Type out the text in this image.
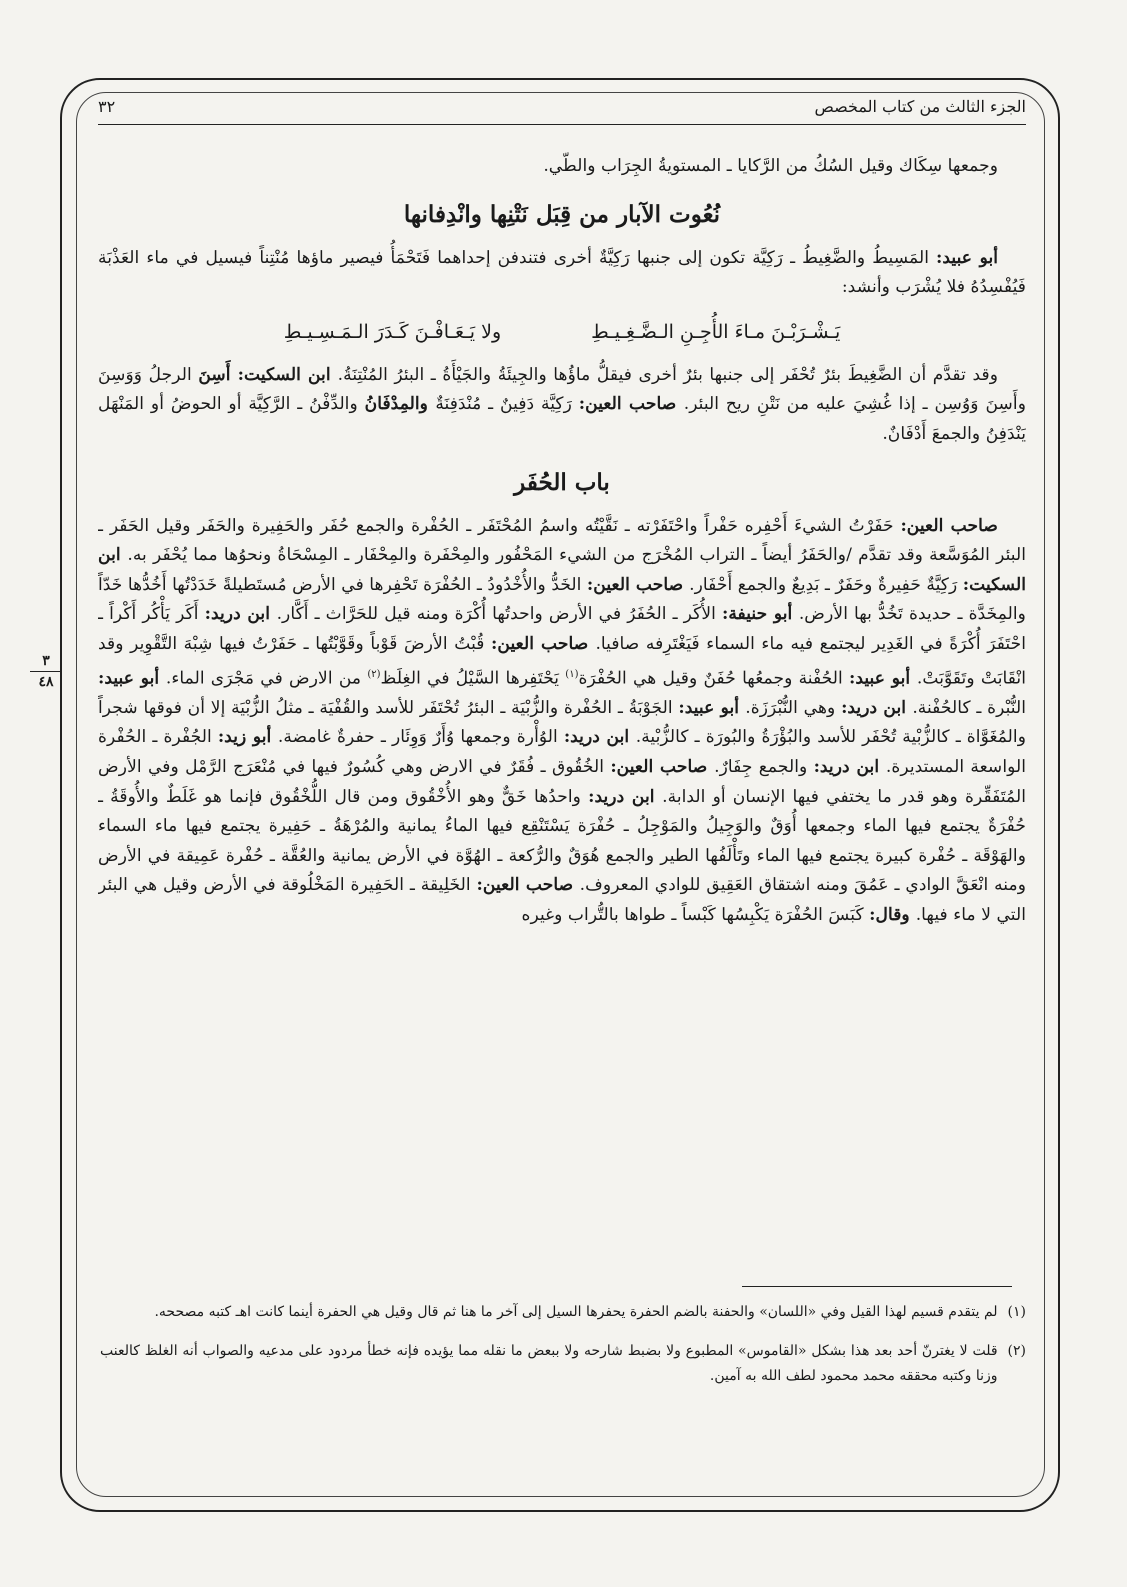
الجزء الثالث من كتاب المخصص
٣٢
٣
٤٨

وجمعها سِكَاك وقيل السُكُ من الرَّكايا ـ المستويةُ الجِرَاب والطَّي.

نُعُوت الآبار من قِبَل نَتْنِها وانْدِفانها

أبو عبيد: المَسِيطُ والضَّغِيطُ ـ رَكِيَّة تكون إلى جنبها رَكِيَّةٌ أخرى فتندفن إحداهما فَتَحْمَأُ فيصير ماؤها مُنْتِناً فيسيل في ماء العَذْبَة فَيُفْسِدُهُ فلا يُشْرَب وأنشد:

يَـشْـرَبْـنَ مـاءَ الأُجِـنِ الـضَّـغِـيـطِ
ولا يَـعَـافْـنَ كَـدَرَ الـمَـسِـيـطِ

وقد تقدَّم أن الضَّغِيطَ بئرٌ تُحْفَر إلى جنبها بئرٌ أخرى فيقلُّ ماؤُها والجِيئَةُ والجَيْأَةُ ـ البئرُ المُنْتِنَةُ. ابن السكيت: أَسِنَ الرجلُ وَوَسِنَ وأَسِنَ وَوُسِن ـ إذا غُشِيَ عليه من نَتْنِ ريح البئر. صاحب العين: رَكِيَّة دَفِينٌ ـ مُنْدَفِنَةٌ والمِدْفَانُ والدِّفْنُ ـ الرَّكِيَّة أو الحوضُ أو المَنْهَل يَنْدَفِنُ والجمعَ أَدْفَانٌ.

باب الحُفَر

صاحب العين: حَفَرْتُ الشيءَ أَحْفِره حَفْراً واحْتَفَرْته ـ نَقَّيْتُه واسمُ المُحْتَفَر ـ الحُفْرة والجمع حُفَر والحَفِيرة والحَفَر وقيل الحَفَر ـ البئر المُوَسَّعة وقد تقدَّم /والحَفَرُ أيضاً ـ التراب المُخْرَج من الشيء المَحْفُور والمِحْفَرة والمِحْفَار ـ المِسْحَاةُ ونحوُها مما يُحْفَر به. ابن السكيت: رَكِيَّةٌ حَفِيرةٌ وحَفَرٌ ـ بَدِيعٌ والجمع أَحْفَار. صاحب العين: الخَدُّ والأُخْدُودُ ـ الحُفْرَة تَحْفِرها في الأرض مُستَطيلةً خَدَدْتُها أَخُدُّها خَدّاً والمِخَدَّة ـ حديدة تَخُدُّ بها الأرض. أبو حنيفة: الأُكَر ـ الحُفَرُ في الأرض واحدتُها أُكْرَة ومنه قيل للحَرَّاث ـ أَكَّار. ابن دريد: أَكَر يَأْكُر أَكْراً ـ احْتَفَرَ أُكْرَةً في الغَدِير ليجتمع فيه ماء السماء فَيَغْتَرِفه صافيا. صاحب العين: قُبْتُ الأرضَ قَوْباً وقَوَّبْتُها ـ حَفَرْتُ فيها شِبْهَ التَّقْوِير وقد انْقَابَتْ وتَقَوَّبَتْ. أبو عبيد: الحُفْنة وجمعُها حُفَنٌ وقيل هي الحُفْرَة$^{(١)}$ يَحْتَفِرها السَّيْلُ في الغِلَظ$^{(٢)}$ من الارض في مَجْرَى الماء. أبو عبيد: النُّبْرة ـ كالحُفْنة. ابن دريد: وهي النُّبْرَزَة. أبو عبيد: الجَوْبَةُ ـ الحُفْرة والزُّبْيَة ـ البئرُ تُحْتَفَر للأسد والقُفْيَة ـ مثلُ الزُّبْيَة إلا أن فوقها شجراً والمُغَوَّاة ـ كالزُّبْية تُحْفَر للأسد والبُؤْرَةُ والبُورَة ـ كالزُّبْية. ابن دريد: الوُأْرة وجمعها وُأَرٌ وَوِئَار ـ حفرةٌ غامضة. أبو زيد: الجُفْرة ـ الحُفْرة الواسعة المستديرة. ابن دريد: والجمع جِفَارٌ. صاحب العين: الخُقُوق ـ فُقَرٌ في الارض وهي كُسُورٌ فيها في مُنْعَرَج الرَّمْل وفي الأرض المُتَفَقِّرة وهو قدر ما يختفي فيها الإنسان أو الدابة. ابن دريد: واحدُها خَقٌّ وهو الأُخْقُوق ومن قال اللُّخْقُوق فإنما هو غَلَطٌ والأُوقَةُ ـ حُفْرَةٌ يجتمع فيها الماء وجمعها أُوَقٌ والوَجِيلُ والمَوْجِلُ ـ حُفْرَة يَسْتَنْقِع فيها الماءُ يمانية والمُرْهَةُ ـ حَفِيرة يجتمع فيها ماء السماء والهَوْقَة ـ حُفْرة كبيرة يجتمع فيها الماء وتَأْلَفُها الطير والجمع هُوَقٌ والرُّكعة ـ الهُوَّة في الأرض يمانية والعُقَّة ـ حُفْرة عَمِيقة في الأرض ومنه انْعَقَّ الوادي ـ عَمُقَ ومنه اشتقاق العَقِيق للوادي المعروف. صاحب العين: الخَلِيقة ـ الحَفِيرة المَخْلُوقة في الأرض وقيل هي البئر التي لا ماء فيها. وقال: كَبَسَ الحُفْرَة يَكْبِسُها كَبْساً ـ طواها بالتُّراب وغيره

(١)
لم يتقدم قسيم لهذا القيل وفي «اللسان» والحفنة بالضم الحفرة يحفرها السيل إلى آخر ما هنا ثم قال وقيل هي الحفرة أينما كانت اهـ كتبه مصححه.
(٢)
قلت لا يغترنّ أحد بعد هذا بشكل «القاموس» المطبوع ولا بضبط شارحه ولا ببعض ما نقله مما يؤيده فإنه خطأ مردود على مدعيه والصواب أنه الغلظ كالعنب وزنا وكتبه محققه محمد محمود لطف الله به آمين.
